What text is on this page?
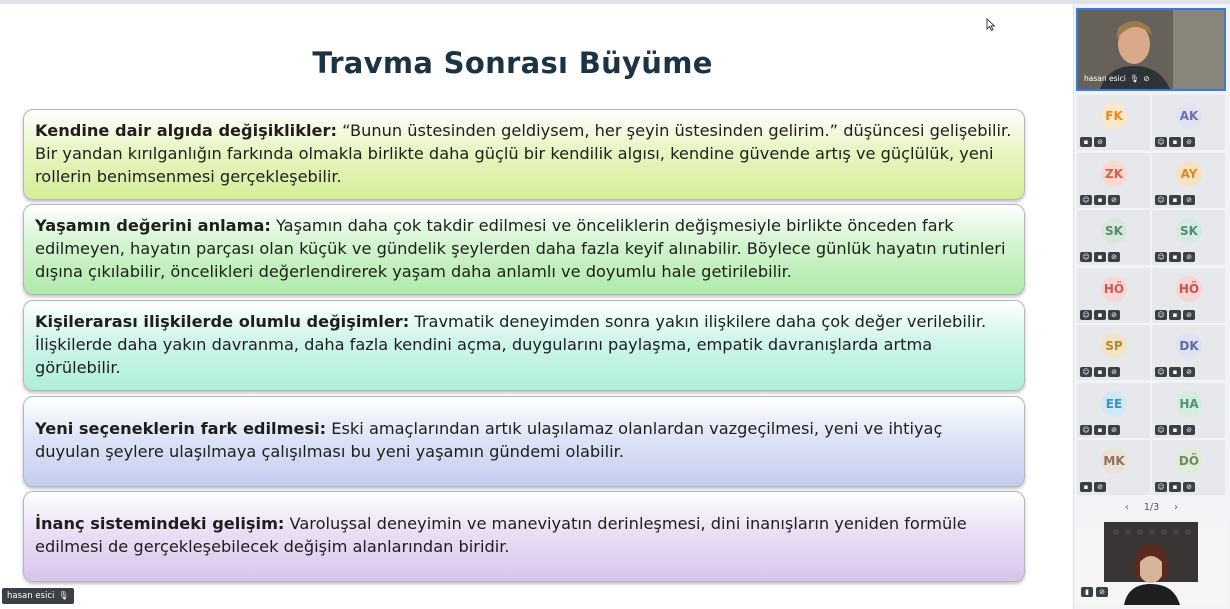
Travma Sonrası Büyüme
Kendine dair algıda değişiklikler: “Bunun üstesinden geldiysem, her şeyin üstesinden gelirim.” düşüncesi gelişebilir. Bir yandan kırılganlığın farkında olmakla birlikte daha güçlü bir kendilik algısı, kendine güvende artış ve güçlülük, yeni rollerin benimsenmesi gerçekleşebilir.
Yaşamın değerini anlama: Yaşamın daha çok takdir edilmesi ve önceliklerin değişmesiyle birlikte önceden fark edilmeyen, hayatın parçası olan küçük ve gündelik şeylerden daha fazla keyif alınabilir. Böylece günlük hayatın rutinleri dışına çıkılabilir, öncelikleri değerlendirerek yaşam daha anlamlı ve doyumlu hale getirilebilir.
Kişilerarası ilişkilerde olumlu değişimler: Travmatik deneyimden sonra yakın ilişkilere daha çok değer verilebilir. İlişkilerde daha yakın davranma, daha fazla kendini açma, duygularını paylaşma, empatik davranışlarda artma görülebilir.
Yeni seçeneklerin fark edilmesi: Eski amaçlarından artık ulaşılamaz olanlardan vazgeçilmesi, yeni ve ihtiyaç duyulan şeylere ulaşılmaya çalışılması bu yeni yaşamın gündemi olabilir.
İnanç sistemindeki gelişim: Varoluşsal deneyimin ve maneviyatın derinleşmesi, dini inanışların yeniden formüle edilmesi de gerçekleşebilecek değişim alanlarından biridir.
hasan esici 🎙
hasan esici 🎙 ⊘
FK
▪	⊘
AK
☺	▪	⊘
ZK
☺	▪	⊘
AY
☺	▪	⊘
SK
☺	▪	⊘
SK
☺	▪	⊘
HÖ
☺	▪	⊘
HÖ
☺	▪	⊘
SP
☺	▪	⊘
DK
☺	▪	⊘
EE
☺	▪	⊘
HA
☺	▪	⊘
MK
▪	⊘
DÖ
☺	▪	⊘
‹ 1/3 ›
▮	⊘
